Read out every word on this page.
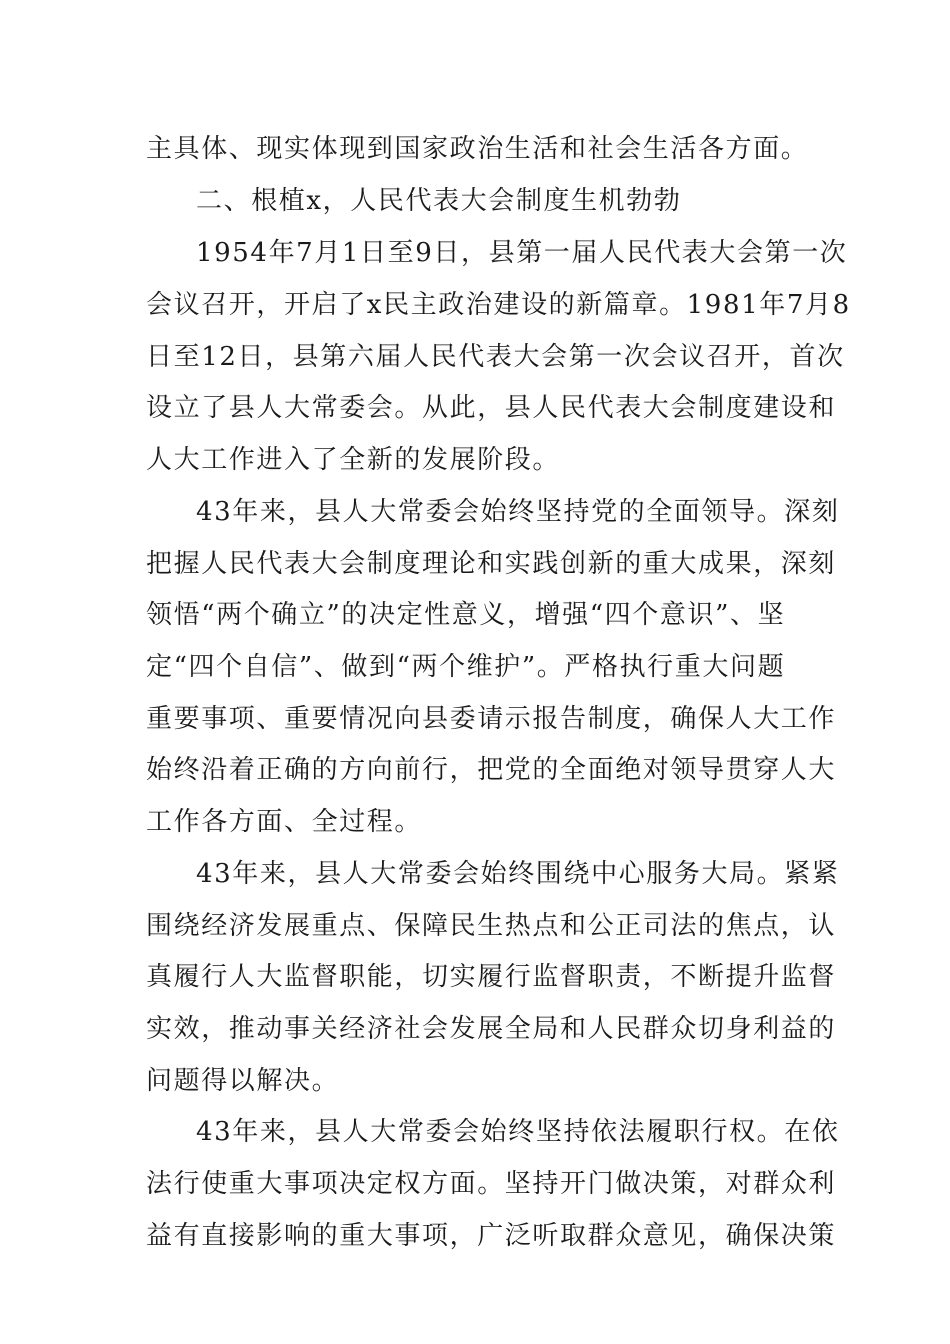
主具体、现实体现到国家政治生活和社会生活各方面。
二、根植x，人民代表大会制度生机勃勃
1954年7月1日至9日，县第一届人民代表大会第一次
会议召开，开启了x民主政治建设的新篇章。1981年7月8
日至12日，县第六届人民代表大会第一次会议召开，首次
设立了县人大常委会。从此，县人民代表大会制度建设和
人大工作进入了全新的发展阶段。
43年来，县人大常委会始终坚持党的全面领导。深刻
把握人民代表大会制度理论和实践创新的重大成果，深刻
领悟“两个确立”的决定性意义，增强“四个意识”、坚
定“四个自信”、做到“两个维护”。严格执行重大问题
重要事项、重要情况向县委请示报告制度，确保人大工作
始终沿着正确的方向前行，把党的全面绝对领导贯穿人大
工作各方面、全过程。
43年来，县人大常委会始终围绕中心服务大局。紧紧
围绕经济发展重点、保障民生热点和公正司法的焦点，认
真履行人大监督职能，切实履行监督职责，不断提升监督
实效，推动事关经济社会发展全局和人民群众切身利益的
问题得以解决。
43年来，县人大常委会始终坚持依法履职行权。在依
法行使重大事项决定权方面。坚持开门做决策，对群众利
益有直接影响的重大事项，广泛听取群众意见，确保决策
